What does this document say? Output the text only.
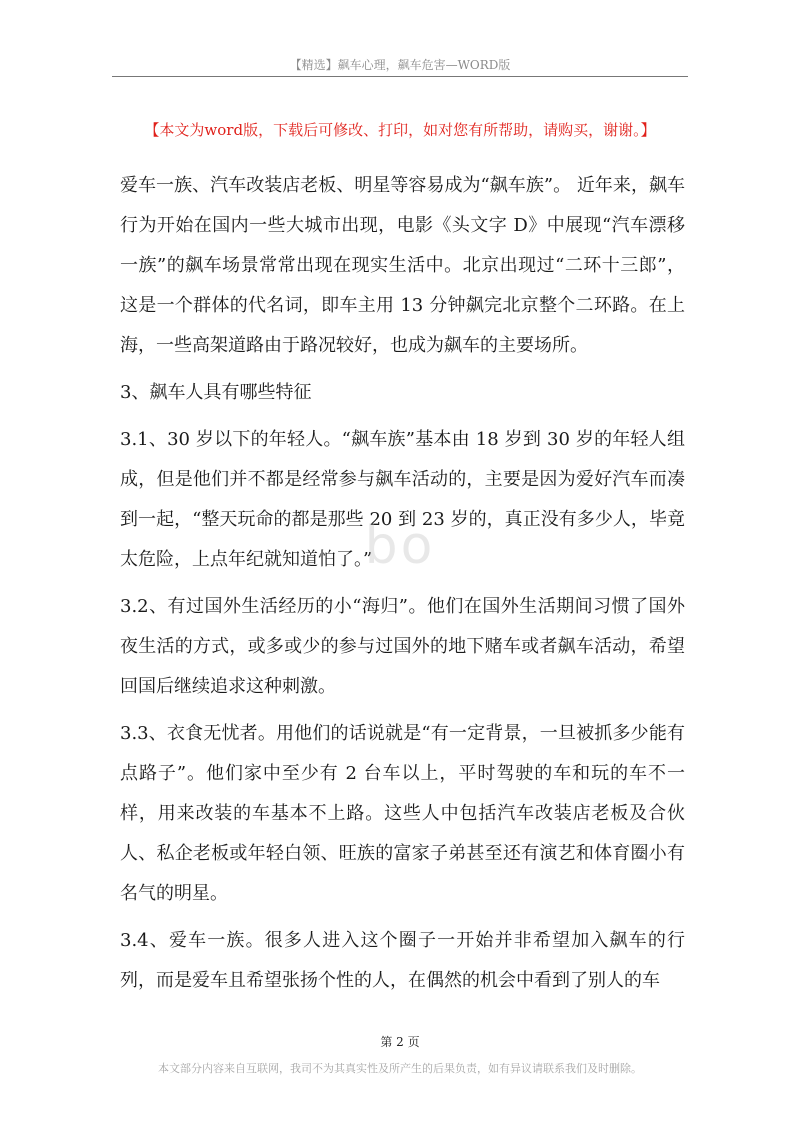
【精选】飙车心理，飙车危害—WORD版
【本文为word版，下载后可修改、打印，如对您有所帮助，请购买，谢谢。】

爱车一族、汽车改装店老板、明星等容易成为“飙车族”。 近年来，飙车行为开始在国内一些大城市出现，电影《头文字 D》中展现“汽车漂移一族”的飙车场景常常出现在现实生活中。北京出现过“二环十三郎”，这是一个群体的代名词，即车主用 13 分钟飙完北京整个二环路。在上海，一些高架道路由于路况较好，也成为飙车的主要场所。

3、飙车人具有哪些特征

3.1、30 岁以下的年轻人。“飙车族”基本由 18 岁到 30 岁的年轻人组成，但是他们并不都是经常参与飙车活动的，主要是因为爱好汽车而凑到一起，“整天玩命的都是那些 20 到 23 岁的，真正没有多少人，毕竟太危险，上点年纪就知道怕了。”

3.2、有过国外生活经历的小“海归”。他们在国外生活期间习惯了国外夜生活的方式，或多或少的参与过国外的地下赌车或者飙车活动，希望回国后继续追求这种刺激。

3.3、衣食无忧者。用他们的话说就是“有一定背景，一旦被抓多少能有点路子”。他们家中至少有 2 台车以上，平时驾驶的车和玩的车不一样，用来改装的车基本不上路。这些人中包括汽车改装店老板及合伙人、私企老板或年轻白领、旺族的富家子弟甚至还有演艺和体育圈小有名气的明星。

3.4、爱车一族。很多人进入这个圈子一开始并非希望加入飙车的行列，而是爱车且希望张扬个性的人，在偶然的机会中看到了别人的车

bo
第 2 页
本文部分内容来自互联网，我司不为其真实性及所产生的后果负责，如有异议请联系我们及时删除。
